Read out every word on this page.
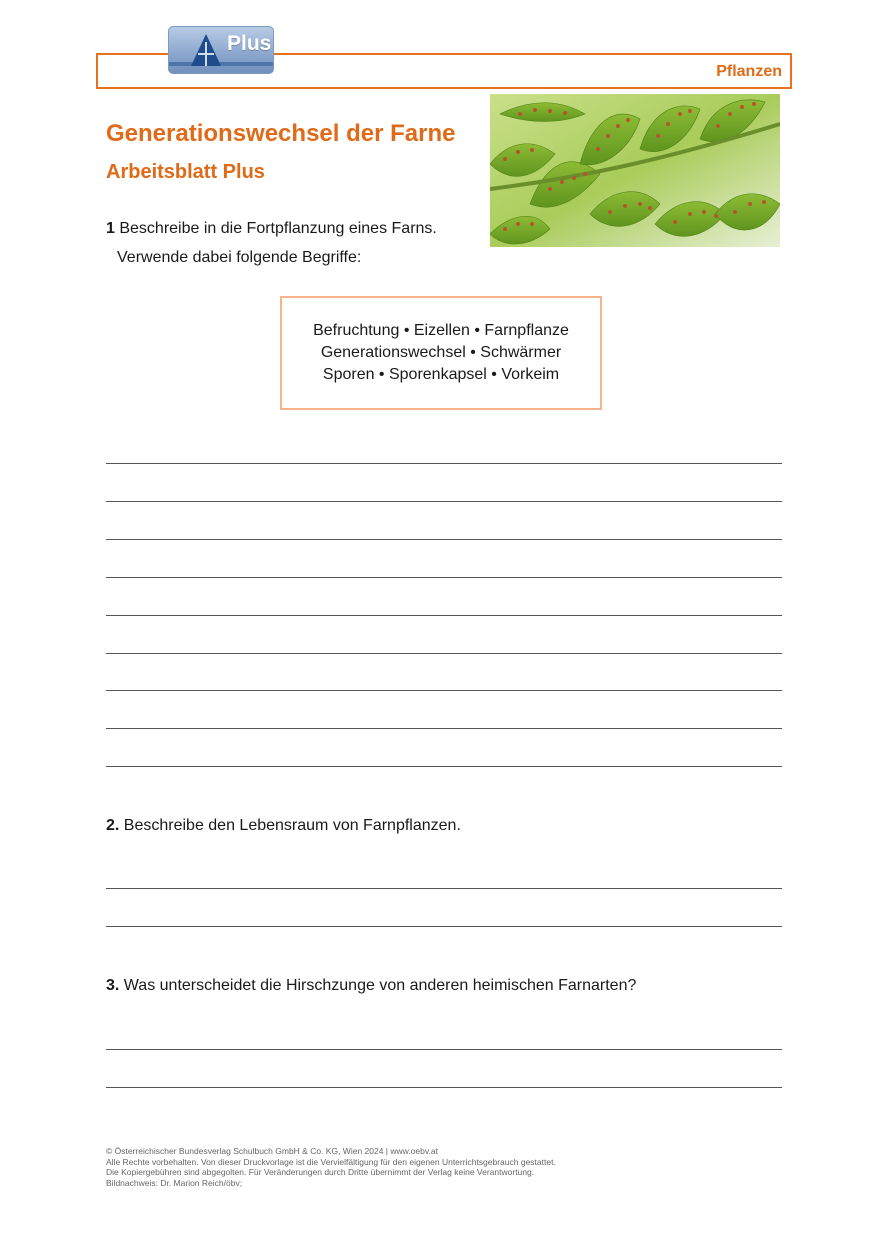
Pflanzen
Plus
Generationswechsel der Farne
Arbeitsblatt Plus

1 Beschreibe in die Fortpflanzung eines Farns.

Verwende dabei folgende Begriffe:

Befruchtung • Eizellen • Farnpflanze
Generationswechsel • Schwärmer
Sporen • Sporenkapsel • Vorkeim

2. Beschreibe den Lebensraum von Farnpflanzen.

3. Was unterscheidet die Hirschzunge von anderen heimischen Farnarten?

© Österreichischer Bundesverlag Schulbuch GmbH & Co. KG, Wien 2024 | www.oebv.at
Alle Rechte vorbehalten. Von dieser Druckvorlage ist die Vervielfältigung für den eigenen Unterrichtsgebrauch gestattet.
Die Kopiergebühren sind abgegolten. Für Veränderungen durch Dritte übernimmt der Verlag keine Verantwortung.
Bildnachweis: Dr. Marion Reich/öbv;
